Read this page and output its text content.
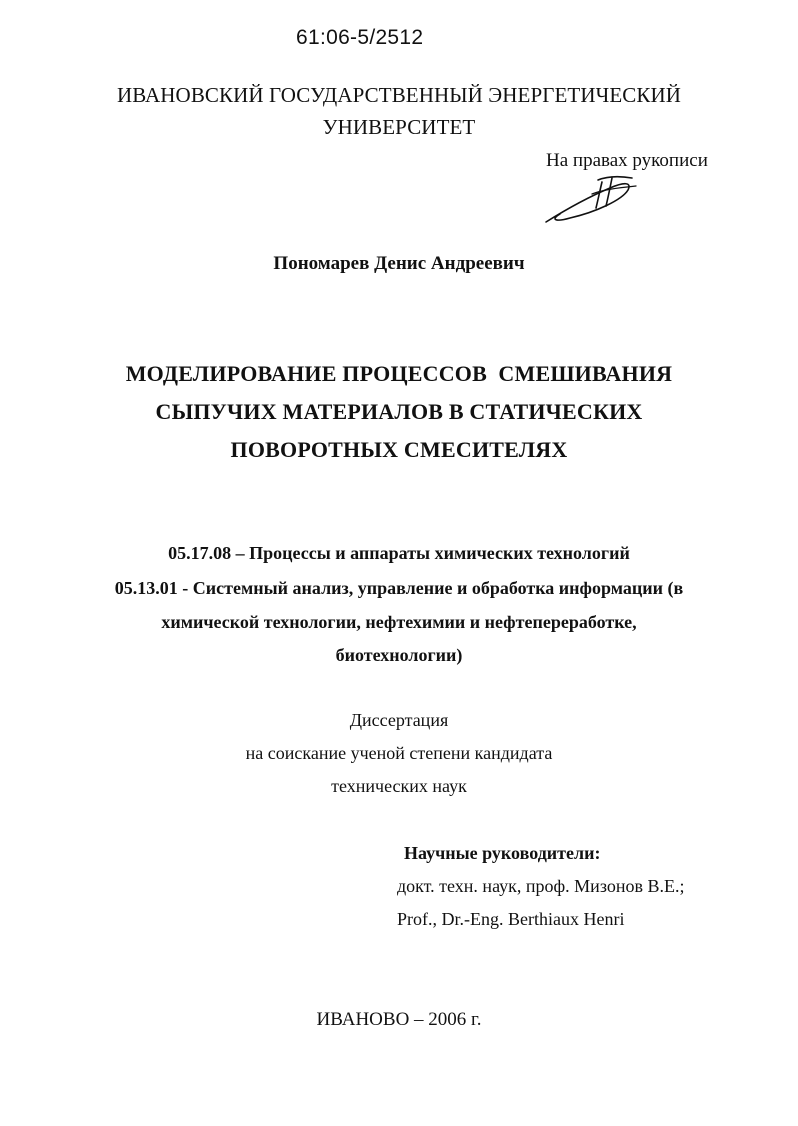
61:06-5/2512
ИВАНОВСКИЙ ГОСУДАРСТВЕННЫЙ ЭНЕРГЕТИЧЕСКИЙ
УНИВЕРСИТЕТ
На правах рукописи
Пономарев Денис Андреевич
МОДЕЛИРОВАНИЕ ПРОЦЕССОВ  СМЕШИВАНИЯ
СЫПУЧИХ МАТЕРИАЛОВ В СТАТИЧЕСКИХ
ПОВОРОТНЫХ СМЕСИТЕЛЯХ
05.17.08 – Процессы и аппараты химических технологий
05.13.01 - Системный анализ, управление и обработка информации (в
химической технологии, нефтехимии и нефтепереработке,
биотехнологии)
Диссертация
на соискание ученой степени кандидата
технических наук
Научные руководители:
докт. техн. наук, проф. Мизонов В.Е.;
Prof., Dr.-Eng. Berthiaux Henri
ИВАНОВО – 2006 г.
